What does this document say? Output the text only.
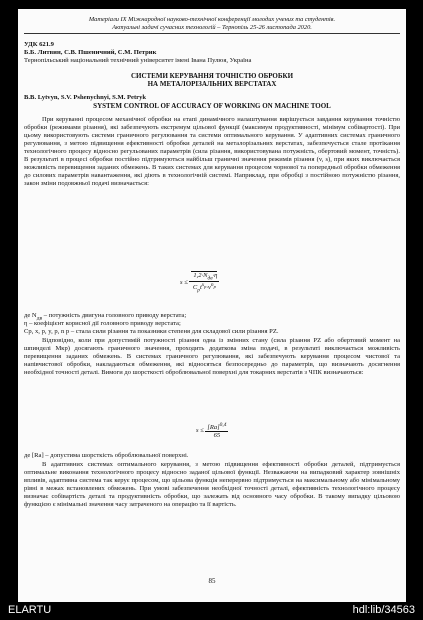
Матеріали ІХ Міжнародної науково-технічної конференції молодих учених та студентів.
Актуальні задачі сучасних технологій – Тернопіль 25-26 листопада 2020.
УДК 621.9
Б.Б. Литвин, С.В. Пшеничний, С.М. Петрик
Тернопільський національний технічний університет імені Івана Пулюя, Україна
СИСТЕМИ КЕРУВАННЯ ТОЧНІСТЮ ОБРОБКИ
НА МЕТАЛОРІЗАЛЬНИХ ВЕРСТАТАХ
B.B. Lytvyn, S.V. Pshenychnyi, S.M. Petryk
SYSTEM CONTROL OF ACCURACY OF WORKING ON MACHINE TOOL
При керуванні процесом механічної обробки на етапі динамічного налаштування вирішується завдання керування точністю обробки (режимами різання), які забезпечують екстремум цільової функції (максимум продуктивності, мінімум собівартості). При цьому використовують системи граничного регулювання та системи оптимального керування. У адаптивних системах граничного регулювання, з метою підвищення ефективності обробки деталей на металорізальних верстатах, забезпечується стале протікання технологічного процесу відносно регульованих параметрів (сила різання, використовувана потужність, обертовий момент, точність). В результаті в процесі обробки постійно підтримуються найбільш граничні значення режимів різання (v, s), при яких виключається можливість перевищення заданих обмежень. В таких системах для керування процесом чорнової та попередньої обробки обмеження до силових параметрів навантаження, які діють в технологічній системі. Наприклад, при обробці з постійною потужністю різання, закон зміни подовжньої подачі визначається:
$s \le \frac{1,2\cdot N_{дв}\cdot\eta}{C_pt^{x_p}\cdot v^{n_p}}$
де $N_{дв}$ – потужність двигуна головного приводу верстата;
η – коефіцієнт корисної дії головного приводу верстата;
Cp, x, p, y, p, n p – стала сили різання та показники степеня для складової сили різання PZ.
Відповідно, коли при допустимій потужності різання одна із змінних стану (сила різання PZ або обертовий момент на шпинделі Mкр) досягають граничного значення, проходить додаткова зміна подачі, в результаті виключається можливість перевищення заданих обмежень. В системах граничного регулювання, які забезпечують керування процесом чистової та напівчистової обробки, накладаються обмеження, які відносяться безпосередньо до параметрів, що визначають досягнення необхідної точності деталі. Вимоги до шорсткості оброблювальної поверхні для токарних верстатів з ЧПК визначаються:
$s \le \frac{[Ra]^{0,4}}{65}$
де [Ra] – допустима шорсткість оброблювальної поверхні.
В адаптивних системах оптимального керування, з метою підвищення ефективності обробки деталей, підтримується оптимальне виконання технологічного процесу відносно заданої цільової функції. Незважаючи на випадковий характер зовнішніх впливів, адаптивна система так керує процесом, що цільова функція неперервно підтримується на максимальному або мінімальному рівні в межах встановлених обмежень. При умові забезпечення необхідної точності деталі, ефективність технологічного процесу визначає собівартість деталі та продуктивність обробки, що залежать від основного часу обробки. В такому випадку цільовою функцією є мінімальні значення часу затраченого на операцію та її вартість.
85
ELARTU	hdl:lib/34563
